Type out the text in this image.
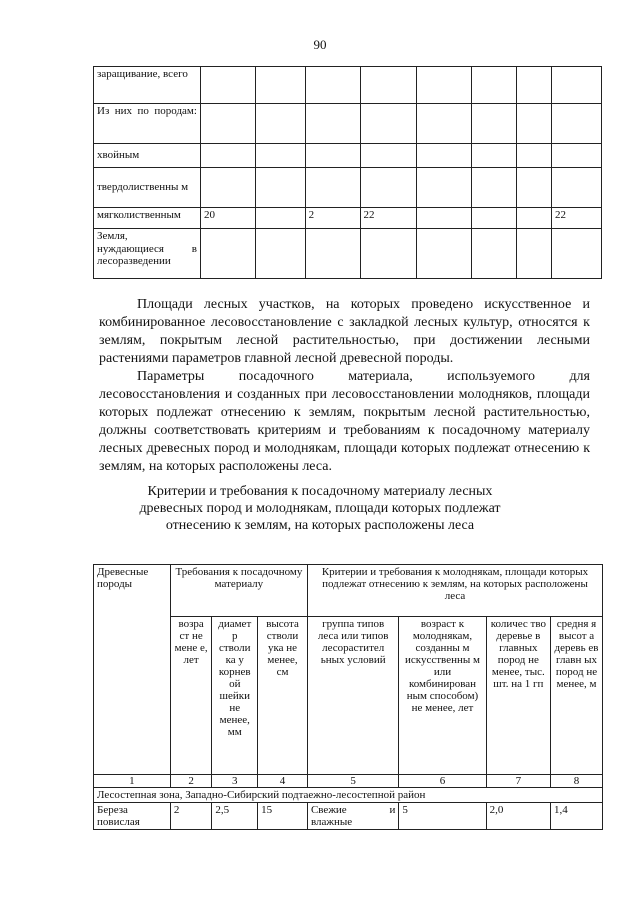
90
заращивание, всего								
Из них по породам:								
хвойным								
твердолиственны м								
мягколиственным	20		2	22				22
Земля, нуждающиеся в лесоразведении								

Площади лесных участков, на которых проведено искусственное и комбинированное лесовосстановление с закладкой лесных культур, относятся к землям, покрытым лесной растительностью, при достижении лесными растениями параметров главной лесной древесной породы.

Параметры посадочного материала, используемого для лесовосстановления и созданных при лесовосстановлении молодняков, площади которых подлежат отнесению к землям, покрытым лесной растительностью, должны соответствовать критериям и требованиям к посадочному материалу лесных древесных пород и молоднякам, площади которых подлежат отнесению к землям, на которых расположены леса.

Критерии и требования к посадочному материалу лесных
древесных пород и молоднякам, площади которых подлежат
отнесению к землям, на которых расположены леса
Древесные породы	Требования к посадочному материалу			Критерии и требования к молоднякам, площади которых подлежат отнесению к землям, на которых расположены леса			
	возра ст не мене е, лет	диамет р стволи ка у корнев ой шейки не менее, мм	высота стволи ука не менее, см	группа типов леса или типов лесорастител ьных условий	возраст к молоднякам, созданны м искусственны м или комбинирован ным способом) не менее, лет	количес тво деревье в главных пород не менее, тыс. шт. на 1 гп	средня я высот а деревь ев главн ых пород не менее, м
1	2	3	4	5	6	7	8
Лесостепная зона, Западно-Сибирский подтаежно-лесостепной район							
Береза повислая	2	2,5	15	Свежие и влажные	5	2,0	1,4
